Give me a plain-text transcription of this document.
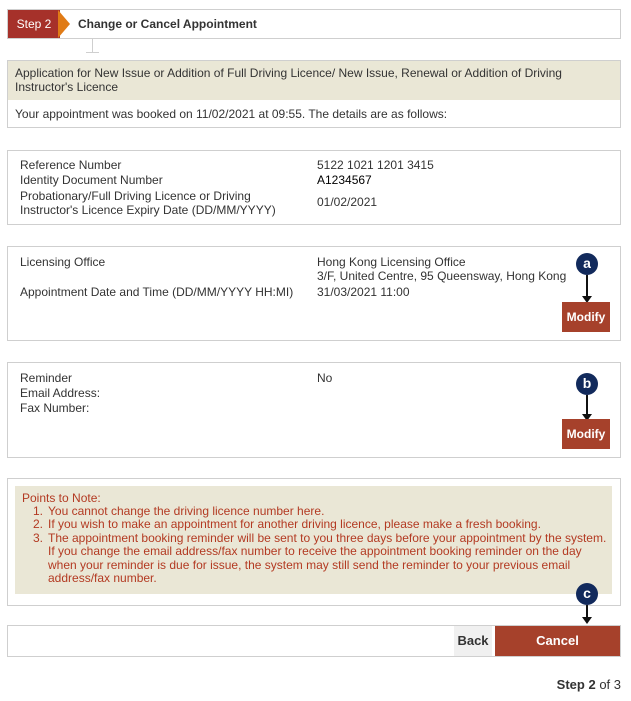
Step 2	Change or Cancel Appointment
Application for New Issue or Addition of Full Driving Licence/ New Issue, Renewal or Addition of Driving Instructor's Licence
Your appointment was booked on 11/02/2021 at 09:55. The details are as follows:
Reference Number	5122 1021 1201 3415
Identity Document Number	A1234567
Probationary/Full Driving Licence or Driving
Instructor's Licence Expiry Date (DD/MM/YYYY)
01/02/2021
Licensing Office	Hong Kong Licensing Office
3/F, United Centre, 95 Queensway, Hong Kong
Appointment Date and Time (DD/MM/YYYY HH:MI) 31/03/2021 11:00
a
Modify
Reminder	No
Email Address:
Fax Number:
b
Modify
Points to Note:
1. You cannot change the driving licence number here.
2. If you wish to make an appointment for another driving licence, please make a fresh booking.
3. The appointment booking reminder will be sent to you three days before your appointment by the system. If you change the email address/fax number to receive the appointment booking reminder on the day when your reminder is due for issue, the system may still send the reminder to your previous email address/fax number.
c
Back	Cancel Appointment
Step 2 of 3
